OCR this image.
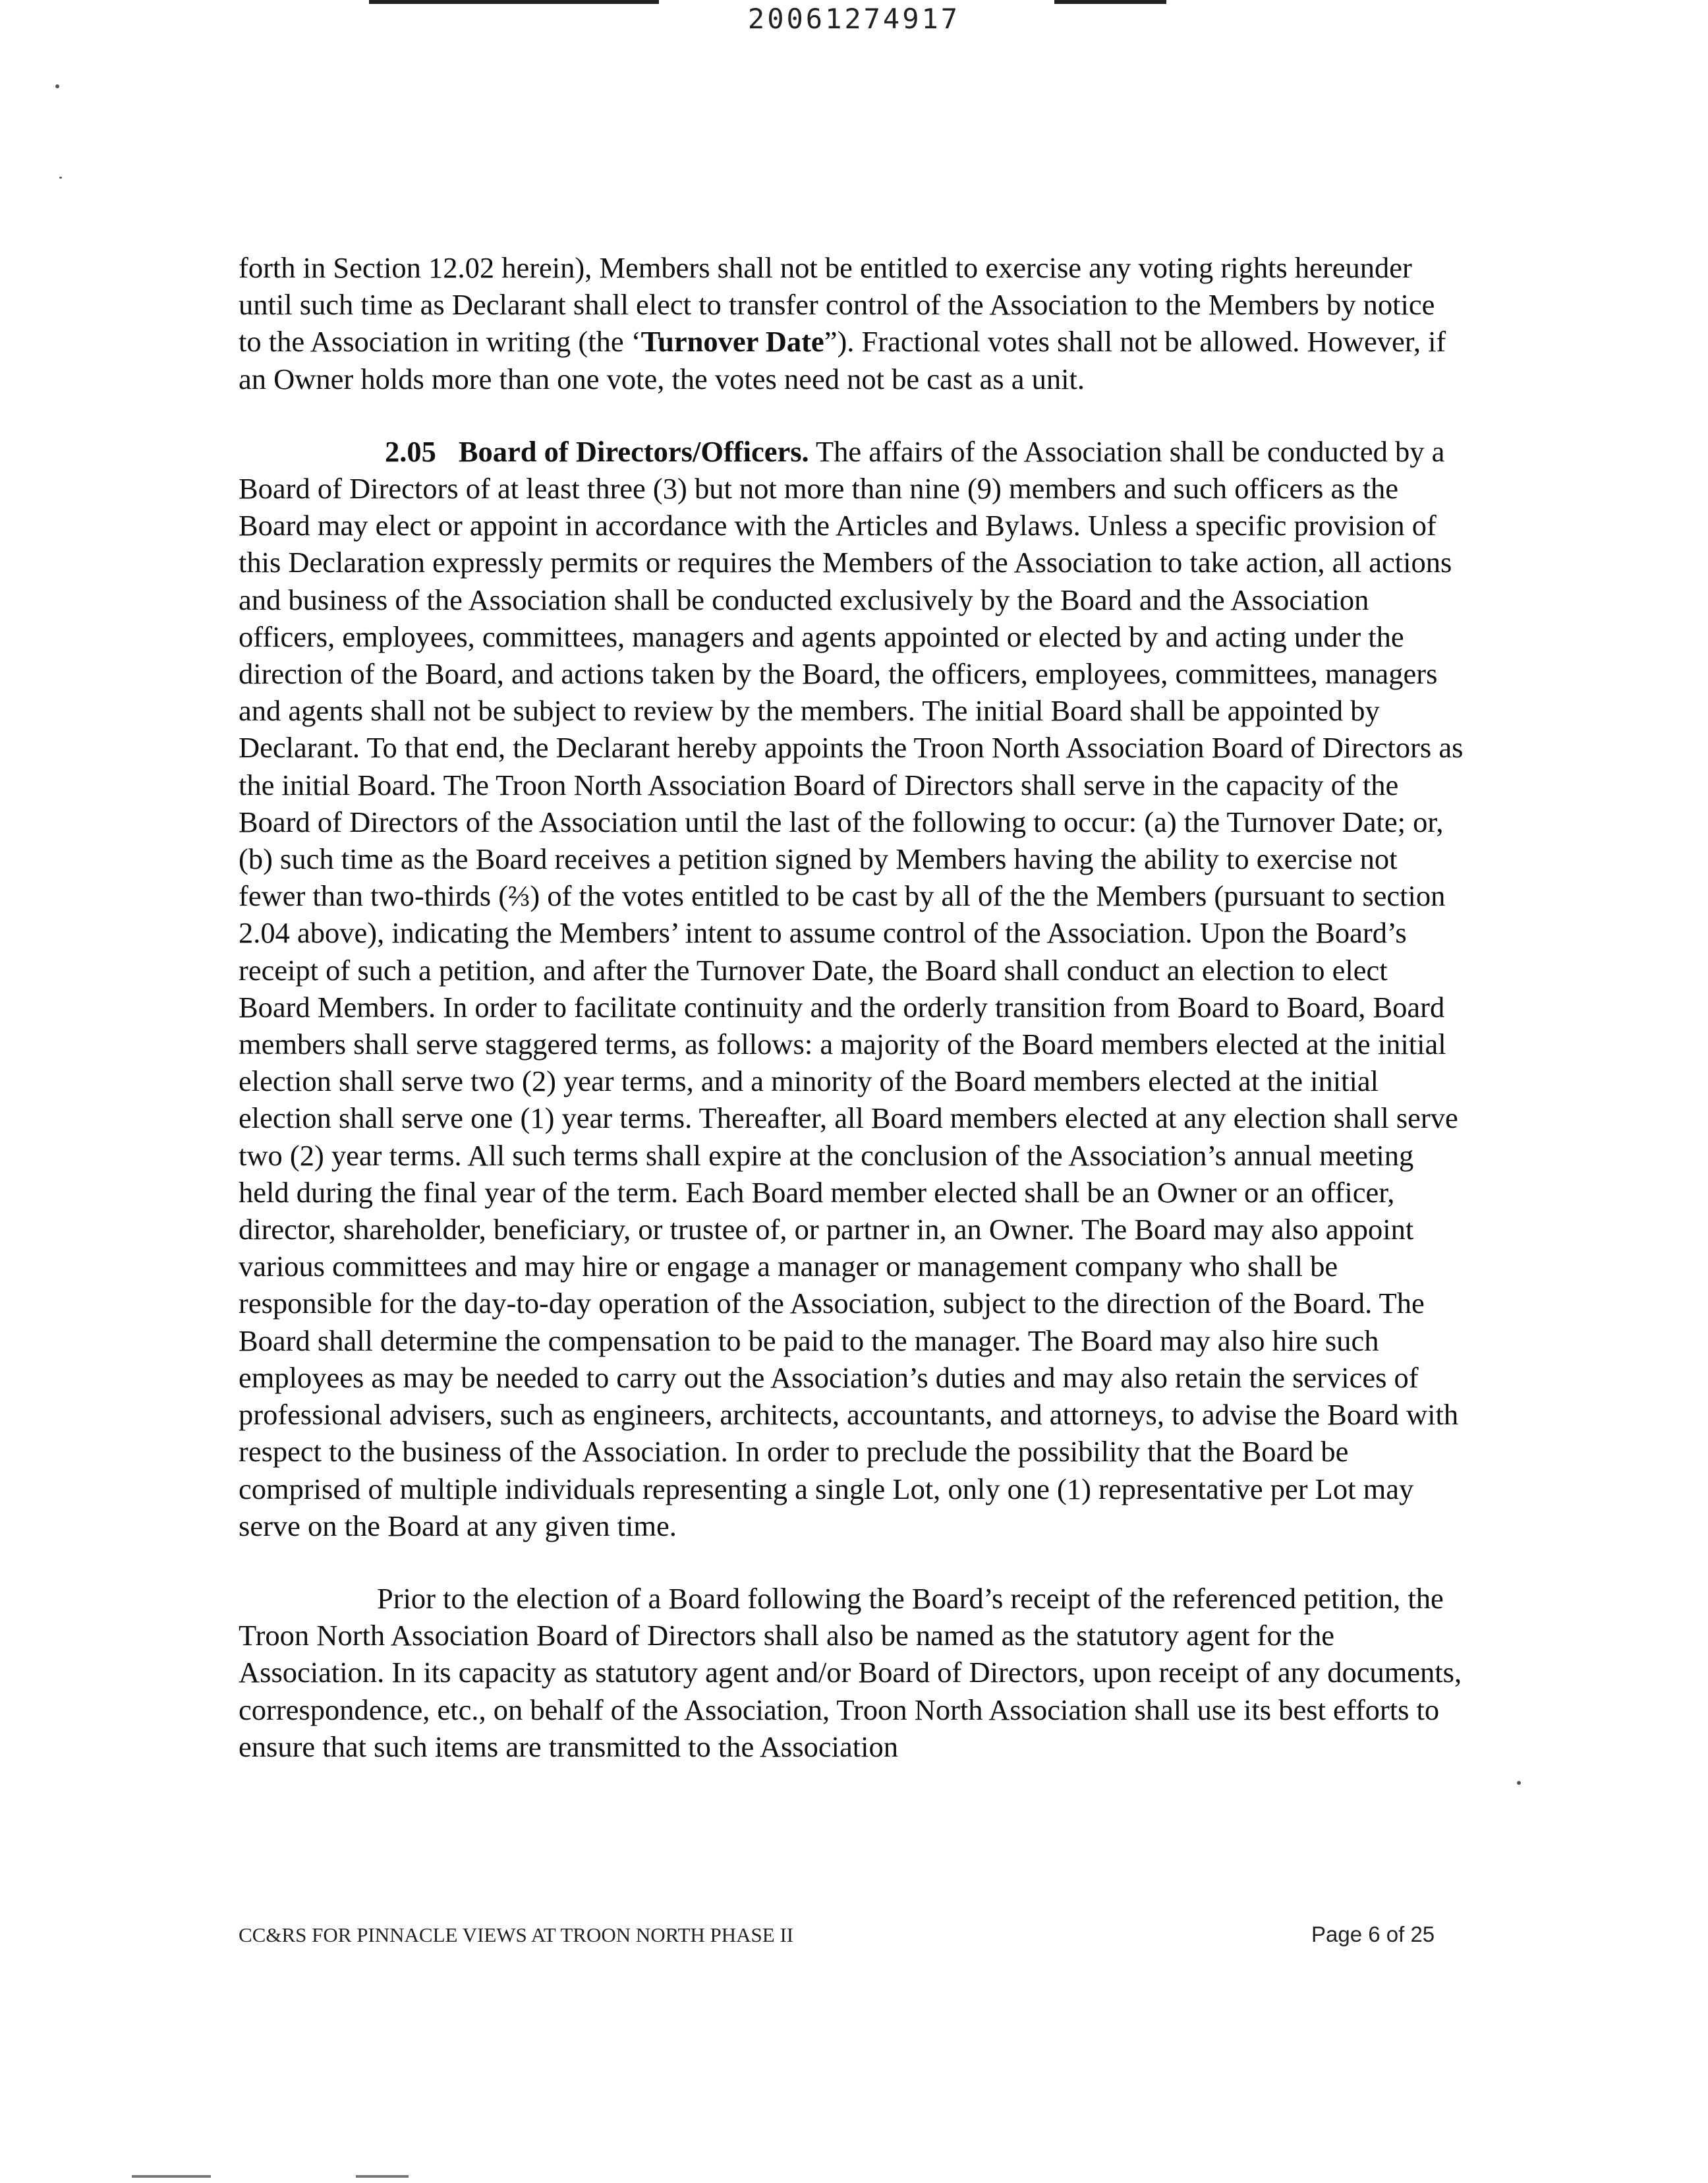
20061274917

forth in Section 12.02 herein), Members shall not be entitled to exercise any voting rights hereunder until such time as Declarant shall elect to transfer control of the Association to the Members by notice to the Association in writing (the ‘Turnover Date”). Fractional votes shall not be allowed. However, if an Owner holds more than one vote, the votes need not be cast as a unit.

2.05 Board of Directors/Officers. The affairs of the Association shall be conducted by a Board of Directors of at least three (3) but not more than nine (9) members and such officers as the Board may elect or appoint in accordance with the Articles and Bylaws. Unless a specific provision of this Declaration expressly permits or requires the Members of the Association to take action, all actions and business of the Association shall be conducted exclusively by the Board and the Association officers, employees, committees, managers and agents appointed or elected by and acting under the direction of the Board, and actions taken by the Board, the officers, employees, committees, managers and agents shall not be subject to review by the members. The initial Board shall be appointed by Declarant. To that end, the Declarant hereby appoints the Troon North Association Board of Directors as the initial Board. The Troon North Association Board of Directors shall serve in the capacity of the Board of Directors of the Association until the last of the following to occur: (a) the Turnover Date; or, (b) such time as the Board receives a petition signed by Members having the ability to exercise not fewer than two-thirds (⅔) of the votes entitled to be cast by all of the the Members (pursuant to section 2.04 above), indicating the Members’ intent to assume control of the Association. Upon the Board’s receipt of such a petition, and after the Turnover Date, the Board shall conduct an election to elect Board Members. In order to facilitate continuity and the orderly transition from Board to Board, Board members shall serve staggered terms, as follows: a majority of the Board members elected at the initial election shall serve two (2) year terms, and a minority of the Board members elected at the initial election shall serve one (1) year terms. Thereafter, all Board members elected at any election shall serve two (2) year terms. All such terms shall expire at the conclusion of the Association’s annual meeting held during the final year of the term. Each Board member elected shall be an Owner or an officer, director, shareholder, beneficiary, or trustee of, or partner in, an Owner. The Board may also appoint various committees and may hire or engage a manager or management company who shall be responsible for the day-to-day operation of the Association, subject to the direction of the Board. The Board shall determine the compensation to be paid to the manager. The Board may also hire such employees as may be needed to carry out the Association’s duties and may also retain the services of professional advisers, such as engineers, architects, accountants, and attorneys, to advise the Board with respect to the business of the Association. In order to preclude the possibility that the Board be comprised of multiple individuals representing a single Lot, only one (1) representative per Lot may serve on the Board at any given time.

Prior to the election of a Board following the Board’s receipt of the referenced petition, the Troon North Association Board of Directors shall also be named as the statutory agent for the Association. In its capacity as statutory agent and/or Board of Directors, upon receipt of any documents, correspondence, etc., on behalf of the Association, Troon North Association shall use its best efforts to ensure that such items are transmitted to the Association

CC&RS FOR PINNACLE VIEWS AT TROON NORTH PHASE II	Page 6 of 25
